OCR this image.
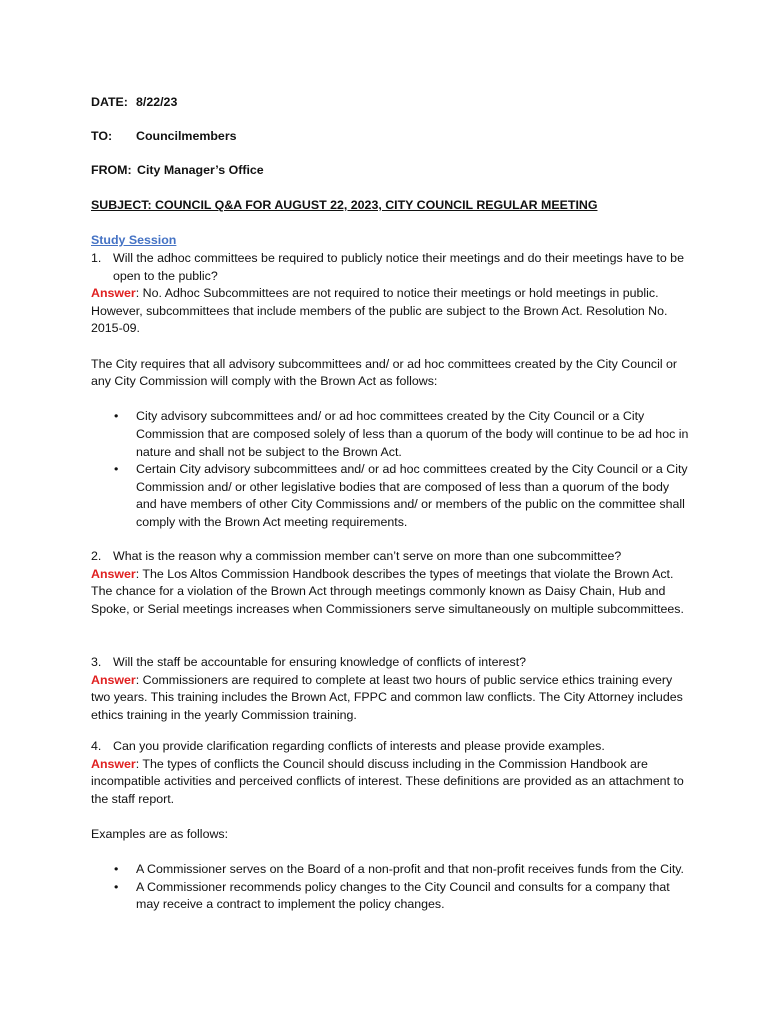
DATE: 8/22/23
TO: Councilmembers
FROM: City Manager’s Office
SUBJECT: COUNCIL Q&A FOR AUGUST 22, 2023, CITY COUNCIL REGULAR MEETING
Study Session
1. Will the adhoc committees be required to publicly notice their meetings and do their meetings have to be open to the public?

Answer: No. Adhoc Subcommittees are not required to notice their meetings or hold meetings in public. However, subcommittees that include members of the public are subject to the Brown Act. Resolution No. 2015-09.

The City requires that all advisory subcommittees and/ or ad hoc committees created by the City Council or any City Commission will comply with the Brown Act as follows:

• City advisory subcommittees and/ or ad hoc committees created by the City Council or a City Commission that are composed solely of less than a quorum of the body will continue to be ad hoc in nature and shall not be subject to the Brown Act.
• Certain City advisory subcommittees and/ or ad hoc committees created by the City Council or a City Commission and/ or other legislative bodies that are composed of less than a quorum of the body and have members of other City Commissions and/ or members of the public on the committee shall comply with the Brown Act meeting requirements.
2. What is the reason why a commission member can’t serve on more than one subcommittee?

Answer: The Los Altos Commission Handbook describes the types of meetings that violate the Brown Act. The chance for a violation of the Brown Act through meetings commonly known as Daisy Chain, Hub and Spoke, or Serial meetings increases when Commissioners serve simultaneously on multiple subcommittees.

3. Will the staff be accountable for ensuring knowledge of conflicts of interest?

Answer: Commissioners are required to complete at least two hours of public service ethics training every two years. This training includes the Brown Act, FPPC and common law conflicts. The City Attorney includes ethics training in the yearly Commission training.

4. Can you provide clarification regarding conflicts of interests and please provide examples.

Answer: The types of conflicts the Council should discuss including in the Commission Handbook are incompatible activities and perceived conflicts of interest. These definitions are provided as an attachment to the staff report.

Examples are as follows:

• A Commissioner serves on the Board of a non-profit and that non-profit receives funds from the City.
• A Commissioner recommends policy changes to the City Council and consults for a company that may receive a contract to implement the policy changes.
